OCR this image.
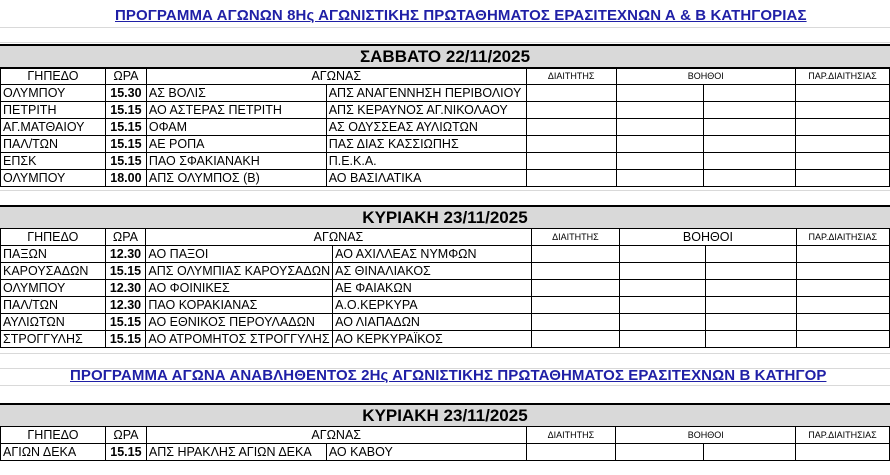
ΠΡΟΓΡΑΜΜΑ ΑΓΩΝΩΝ 8Ης ΑΓΩΝΙΣΤΙΚΗΣ ΠΡΩΤΑΘΗΜΑΤΟΣ ΕΡΑΣΙΤΕΧΝΩΝ Α & Β ΚΑΤΗΓΟΡΙΑΣ
ΣΑΒΒΑΤΟ 22/11/2025
ΓΗΠΕΔΟ	ΩΡΑ	ΑΓΩΝΑΣ		ΔΙΑΙΤΗΤΗΣ	ΒΟΗΘΟΙ		ΠΑΡ.ΔΙΑΙΤΗΣΙΑΣ
ΟΛΥΜΠΟΥ	15.30	ΑΣ ΒΟΛΙΣ	ΑΠΣ ΑΝΑΓΕΝΝΗΣΗ ΠΕΡΙΒΟΛΙΟΥ				
ΠΕΤΡΙΤΗ	15.15	ΑΟ ΑΣΤΕΡΑΣ ΠΕΤΡΙΤΗ	ΑΠΣ ΚΕΡΑΥΝΟΣ ΑΓ.ΝΙΚΟΛΑΟΥ				
ΑΓ.ΜΑΤΘΑΙΟΥ	15.15	ΟΦΑΜ	ΑΣ ΟΔΥΣΣΕΑΣ ΑΥΛΙΩΤΩΝ				
ΠΑΛ/ΤΩΝ	15.15	ΑΕ ΡΟΠΑ	ΠΑΣ ΔΙΑΣ ΚΑΣΣΙΩΠΗΣ				
ΕΠΣΚ	15.15	ΠΑΟ ΣΦΑΚΙΑΝΑΚΗ	Π.Ε.Κ.Α.				
ΟΛΥΜΠΟΥ	18.00	ΑΠΣ ΟΛΥΜΠΟΣ (Β)	ΑΟ ΒΑΣΙΛΑΤΙΚΑ				
ΚΥΡΙΑΚΗ 23/11/2025
ΓΗΠΕΔΟ	ΩΡΑ	ΑΓΩΝΑΣ		ΔΙΑΙΤΗΤΗΣ	ΒΟΗΘΟΙ		ΠΑΡ.ΔΙΑΙΤΗΣΙΑΣ
ΠΑΞΩΝ	12.30	ΑΟ ΠΑΞΟΙ	ΑΟ ΑΧΙΛΛΕΑΣ ΝΥΜΦΩΝ				
ΚΑΡΟΥΣΑΔΩΝ	15.15	ΑΠΣ ΟΛΥΜΠΙΑΣ ΚΑΡΟΥΣΑΔΩΝ	ΑΣ ΘΙΝΑΛΙΑΚΟΣ				
ΟΛΥΜΠΟΥ	12.30	ΑΟ ΦΟΙΝΙΚΕΣ	ΑΕ ΦΑΙΑΚΩΝ				
ΠΑΛ/ΤΩΝ	12.30	ΠΑΟ ΚΟΡΑΚΙΑΝΑΣ	Α.Ο.ΚΕΡΚΥΡΑ				
ΑΥΛΙΩΤΩΝ	15.15	ΑΟ ΕΘΝΙΚΟΣ ΠΕΡΟΥΛΑΔΩΝ	ΑΟ ΛΙΑΠΑΔΩΝ				
ΣΤΡΟΓΓΥΛΗΣ	15.15	ΑΟ ΑΤΡΟΜΗΤΟΣ ΣΤΡΟΓΓΥΛΗΣ	ΑΟ ΚΕΡΚΥΡΑΪΚΟΣ				
ΠΡΟΓΡΑΜΜΑ ΑΓΩΝΑ ΑΝΑΒΛΗΘΕΝΤΟΣ 2Ης ΑΓΩΝΙΣΤΙΚΗΣ ΠΡΩΤΑΘΗΜΑΤΟΣ ΕΡΑΣΙΤΕΧΝΩΝ Β ΚΑΤΗΓΟΡ
ΚΥΡΙΑΚΗ 23/11/2025
ΓΗΠΕΔΟ	ΩΡΑ	ΑΓΩΝΑΣ		ΔΙΑΙΤΗΤΗΣ	ΒΟΗΘΟΙ		ΠΑΡ.ΔΙΑΙΤΗΣΙΑΣ
ΑΓΙΩΝ ΔΕΚΑ	15.15	ΑΠΣ ΗΡΑΚΛΗΣ ΑΓΙΩΝ ΔΕΚΑ	ΑΟ ΚΑΒΟΥ				
